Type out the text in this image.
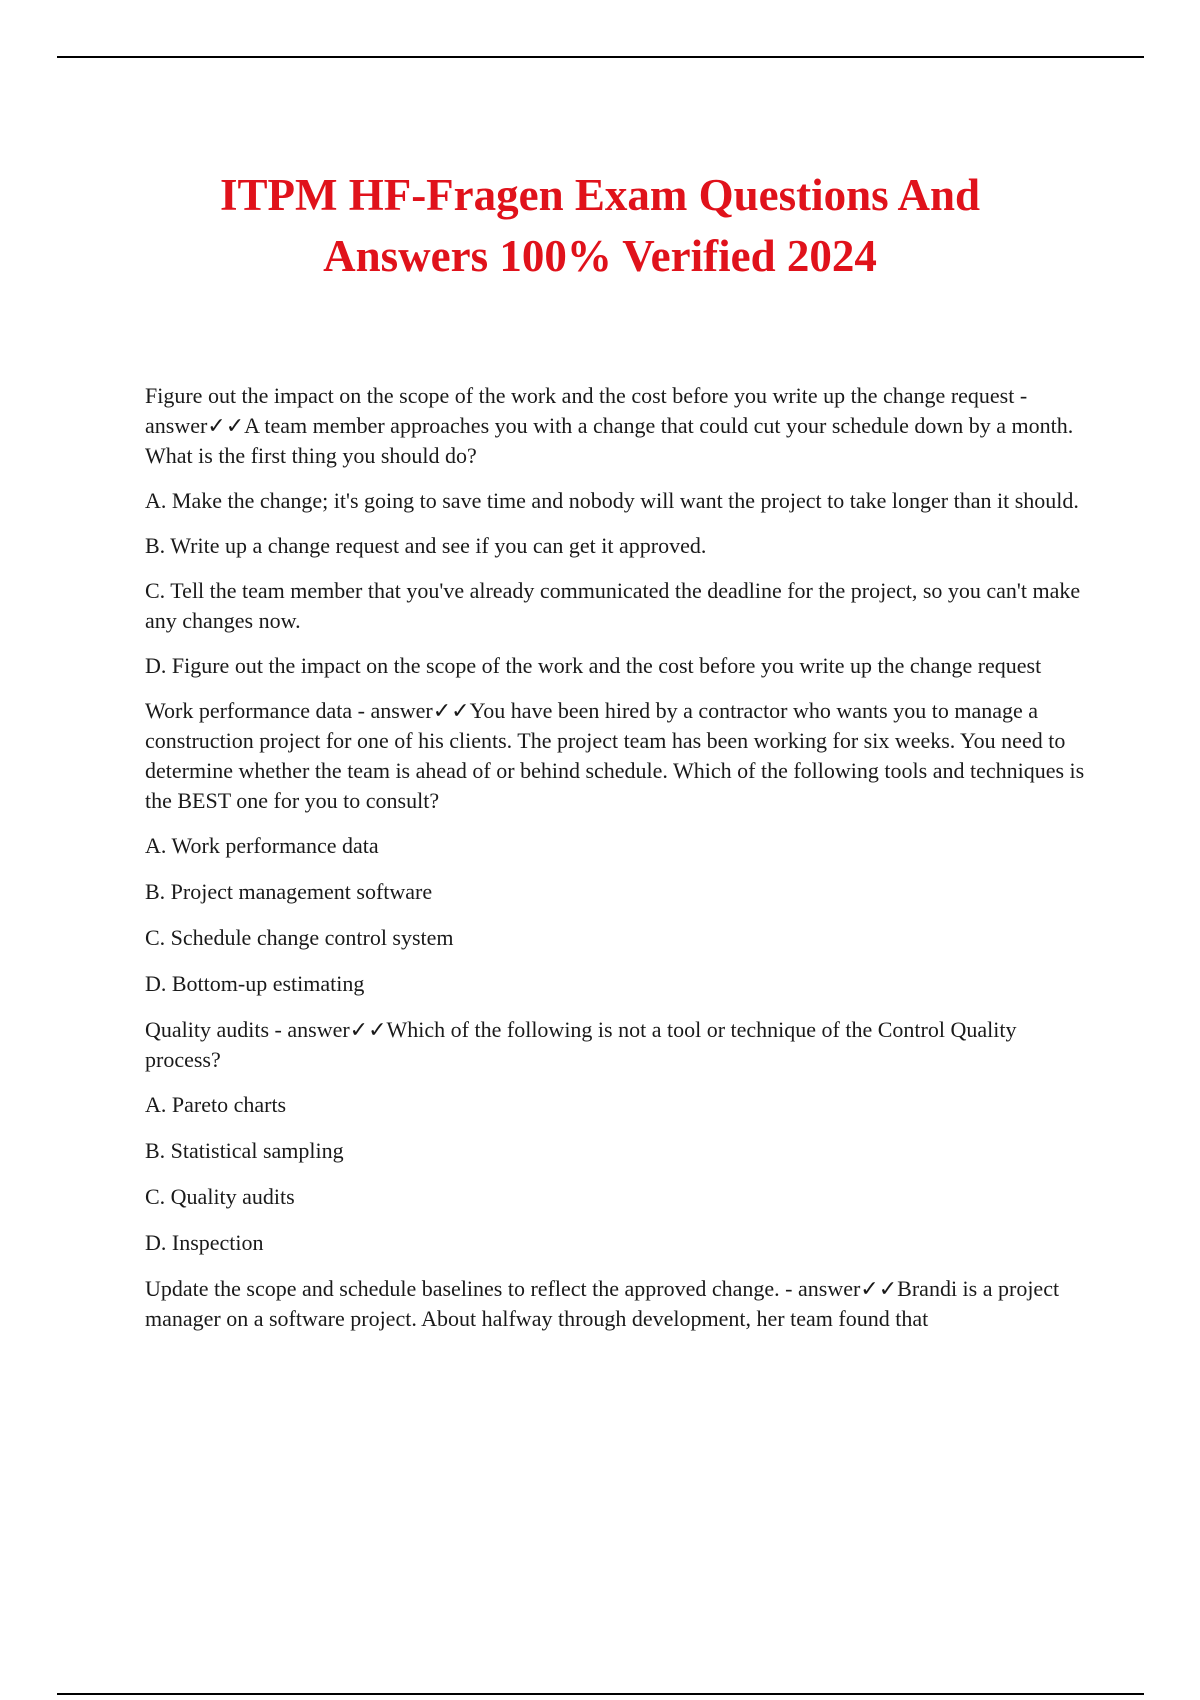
ITPM HF-Fragen Exam Questions And
Answers 100% Verified 2024

Figure out the impact on the scope of the work and the cost before you write up the change request - answer✓✓A team member approaches you with a change that could cut your schedule down by a month. What is the first thing you should do?

A. Make the change; it's going to save time and nobody will want the project to take longer than it should.

B. Write up a change request and see if you can get it approved.

C. Tell the team member that you've already communicated the deadline for the project, so you can't make any changes now.

D. Figure out the impact on the scope of the work and the cost before you write up the change request

Work performance data - answer✓✓You have been hired by a contractor who wants you to manage a construction project for one of his clients. The project team has been working for six weeks. You need to determine whether the team is ahead of or behind schedule. Which of the following tools and techniques is the BEST one for you to consult?

A. Work performance data

B. Project management software

C. Schedule change control system

D. Bottom-up estimating

Quality audits - answer✓✓Which of the following is not a tool or technique of the Control Quality process?

A. Pareto charts

B. Statistical sampling

C. Quality audits

D. Inspection

Update the scope and schedule baselines to reflect the approved change. - answer✓✓Brandi is a project manager on a software project. About halfway through development, her team found that
